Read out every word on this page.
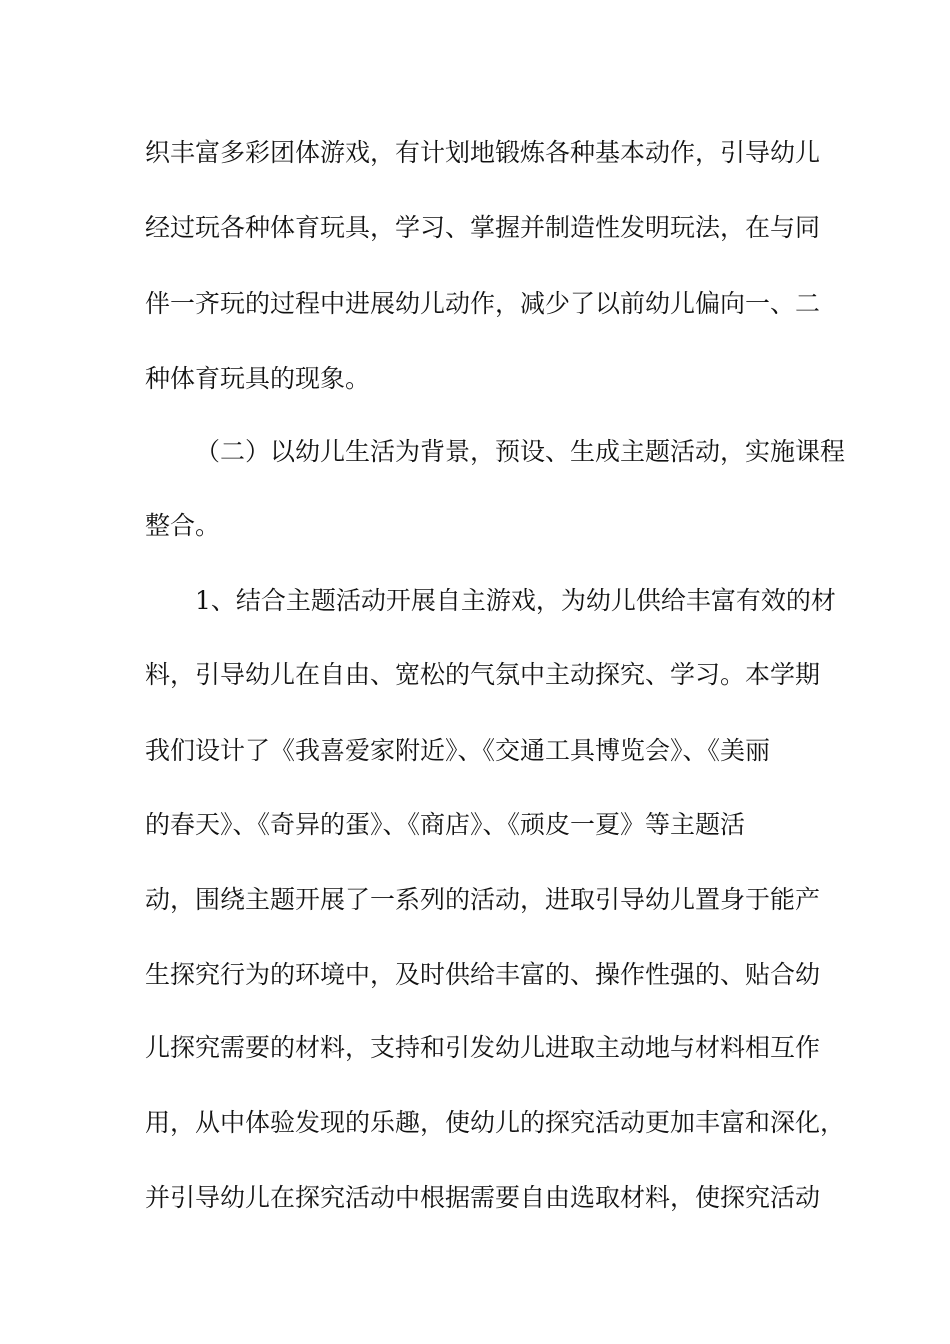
织丰富多彩团体游戏，有计划地锻炼各种基本动作，引导幼儿
经过玩各种体育玩具，学习、掌握并制造性发明玩法，在与同
伴一齐玩的过程中进展幼儿动作，减少了以前幼儿偏向一、二
种体育玩具的现象。
（二）以幼儿生活为背景，预设、生成主题活动，实施课程
整合。
1、结合主题活动开展自主游戏，为幼儿供给丰富有效的材
料，引导幼儿在自由、宽松的气氛中主动探究、学习。本学期
我们设计了《我喜爱家附近》、《交通工具博览会》、《美丽
的春天》、《奇异的蛋》、《商店》、《顽皮一夏》等主题活
动，围绕主题开展了一系列的活动，进取引导幼儿置身于能产
生探究行为的环境中，及时供给丰富的、操作性强的、贴合幼
儿探究需要的材料，支持和引发幼儿进取主动地与材料相互作
用，从中体验发现的乐趣，使幼儿的探究活动更加丰富和深化，
并引导幼儿在探究活动中根据需要自由选取材料，使探究活动
